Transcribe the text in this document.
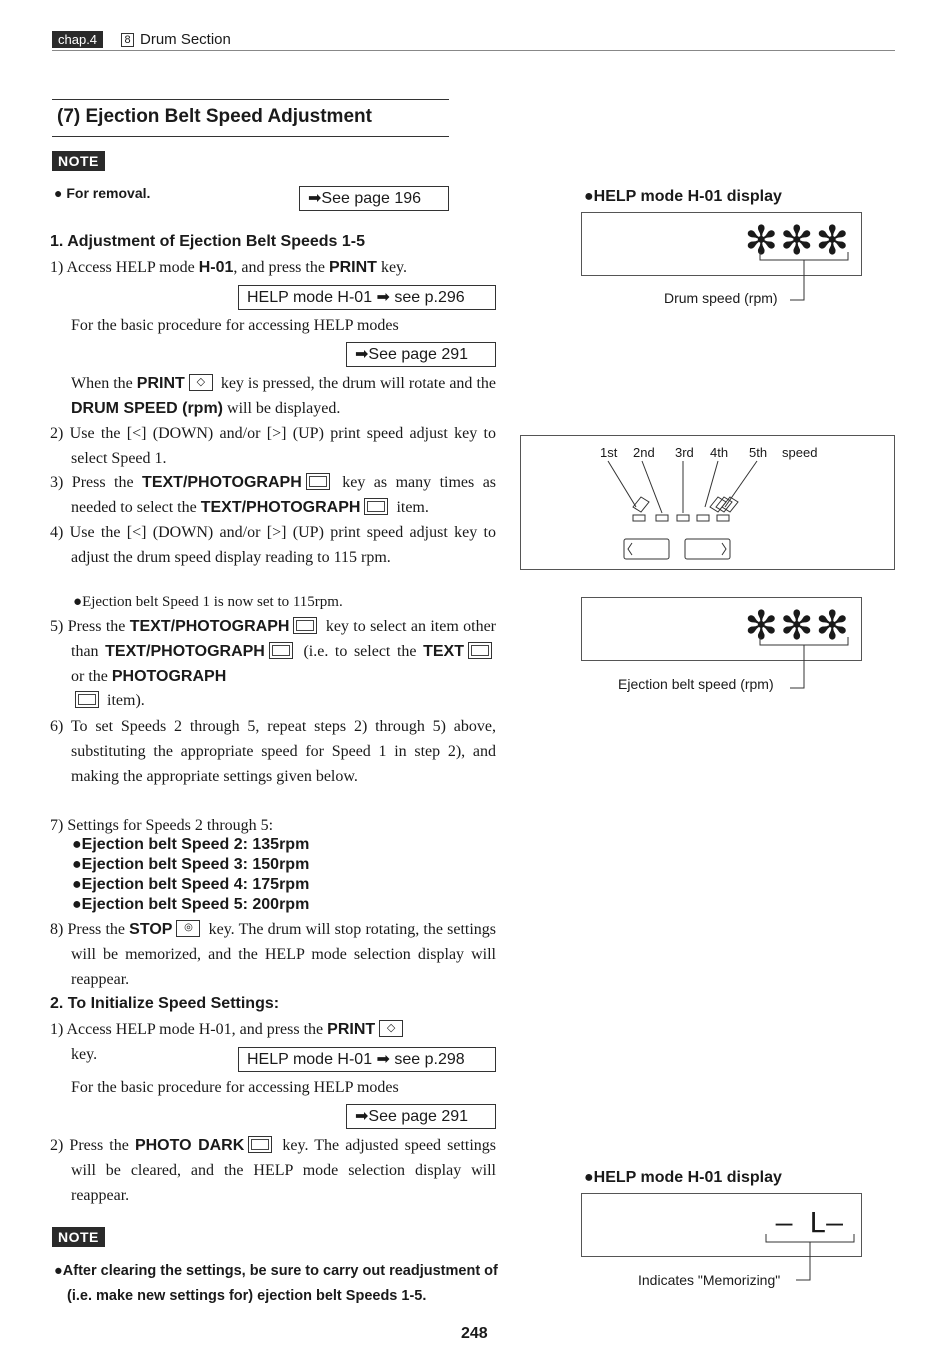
chap.4	8 Drum Section
(7) Ejection Belt Speed Adjustment
NOTE
● For removal.	➡See page 196
1. Adjustment of Ejection Belt Speeds 1-5
1) Access HELP mode H-01, and press the PRINT key.
HELP mode H-01 ➡ see p.296
For the basic procedure for accessing HELP modes
➡See page 291
When the PRINT	◇ key is pressed, the drum will rotate and the DRUM SPEED (rpm) will be displayed.
2) Use the [<] (DOWN) and/or [>] (UP) print speed adjust key to select Speed 1.
3) Press the TEXT/PHOTOGRAPH
key as many times as needed to select the TEXT/PHOTOGRAPH
item.
4) Use the [<] (DOWN) and/or [>] (UP) print speed adjust key to adjust the drum speed display reading to 115 rpm.
●Ejection belt Speed 1 is now set to 115rpm.
5) Press the TEXT/PHOTOGRAPH
key to select an item other than TEXT/PHOTOGRAPH
(i.e. to select the TEXT
or the PHOTOGRAPH

item).
6) To set Speeds 2 through 5, repeat steps 2) through 5) above, substituting the appropriate speed for Speed 1 in step 2), and making the appropriate settings given below.
7) Settings for Speeds 2 through 5:
●Ejection belt Speed 2: 135rpm
●Ejection belt Speed 3: 150rpm
●Ejection belt Speed 4: 175rpm
●Ejection belt Speed 5: 200rpm
8) Press the STOP	◎ key. The drum will stop rotating, the settings will be memorized, and the HELP mode selection display will reappear.
2. To Initialize Speed Settings:
1) Access HELP mode H-01, and press the PRINT	◇

key.	HELP mode H-01 ➡ see p.298
For the basic procedure for accessing HELP modes
➡See page 291
2) Press the PHOTO DARK
key. The adjusted speed settings will be cleared, and the HELP mode selection display will reappear.
NOTE
●After clearing the settings, be sure to carry out readjustment of (i.e. make new settings for) ejection belt Speeds 1-5.
●HELP mode H-01 display
✻✻✻
Drum speed (rpm)
1st 2nd 3rd 4th 5th speed
✻✻✻
Ejection belt speed (rpm)
●HELP mode H-01 display
– L–
Indicates "Memorizing"
248
